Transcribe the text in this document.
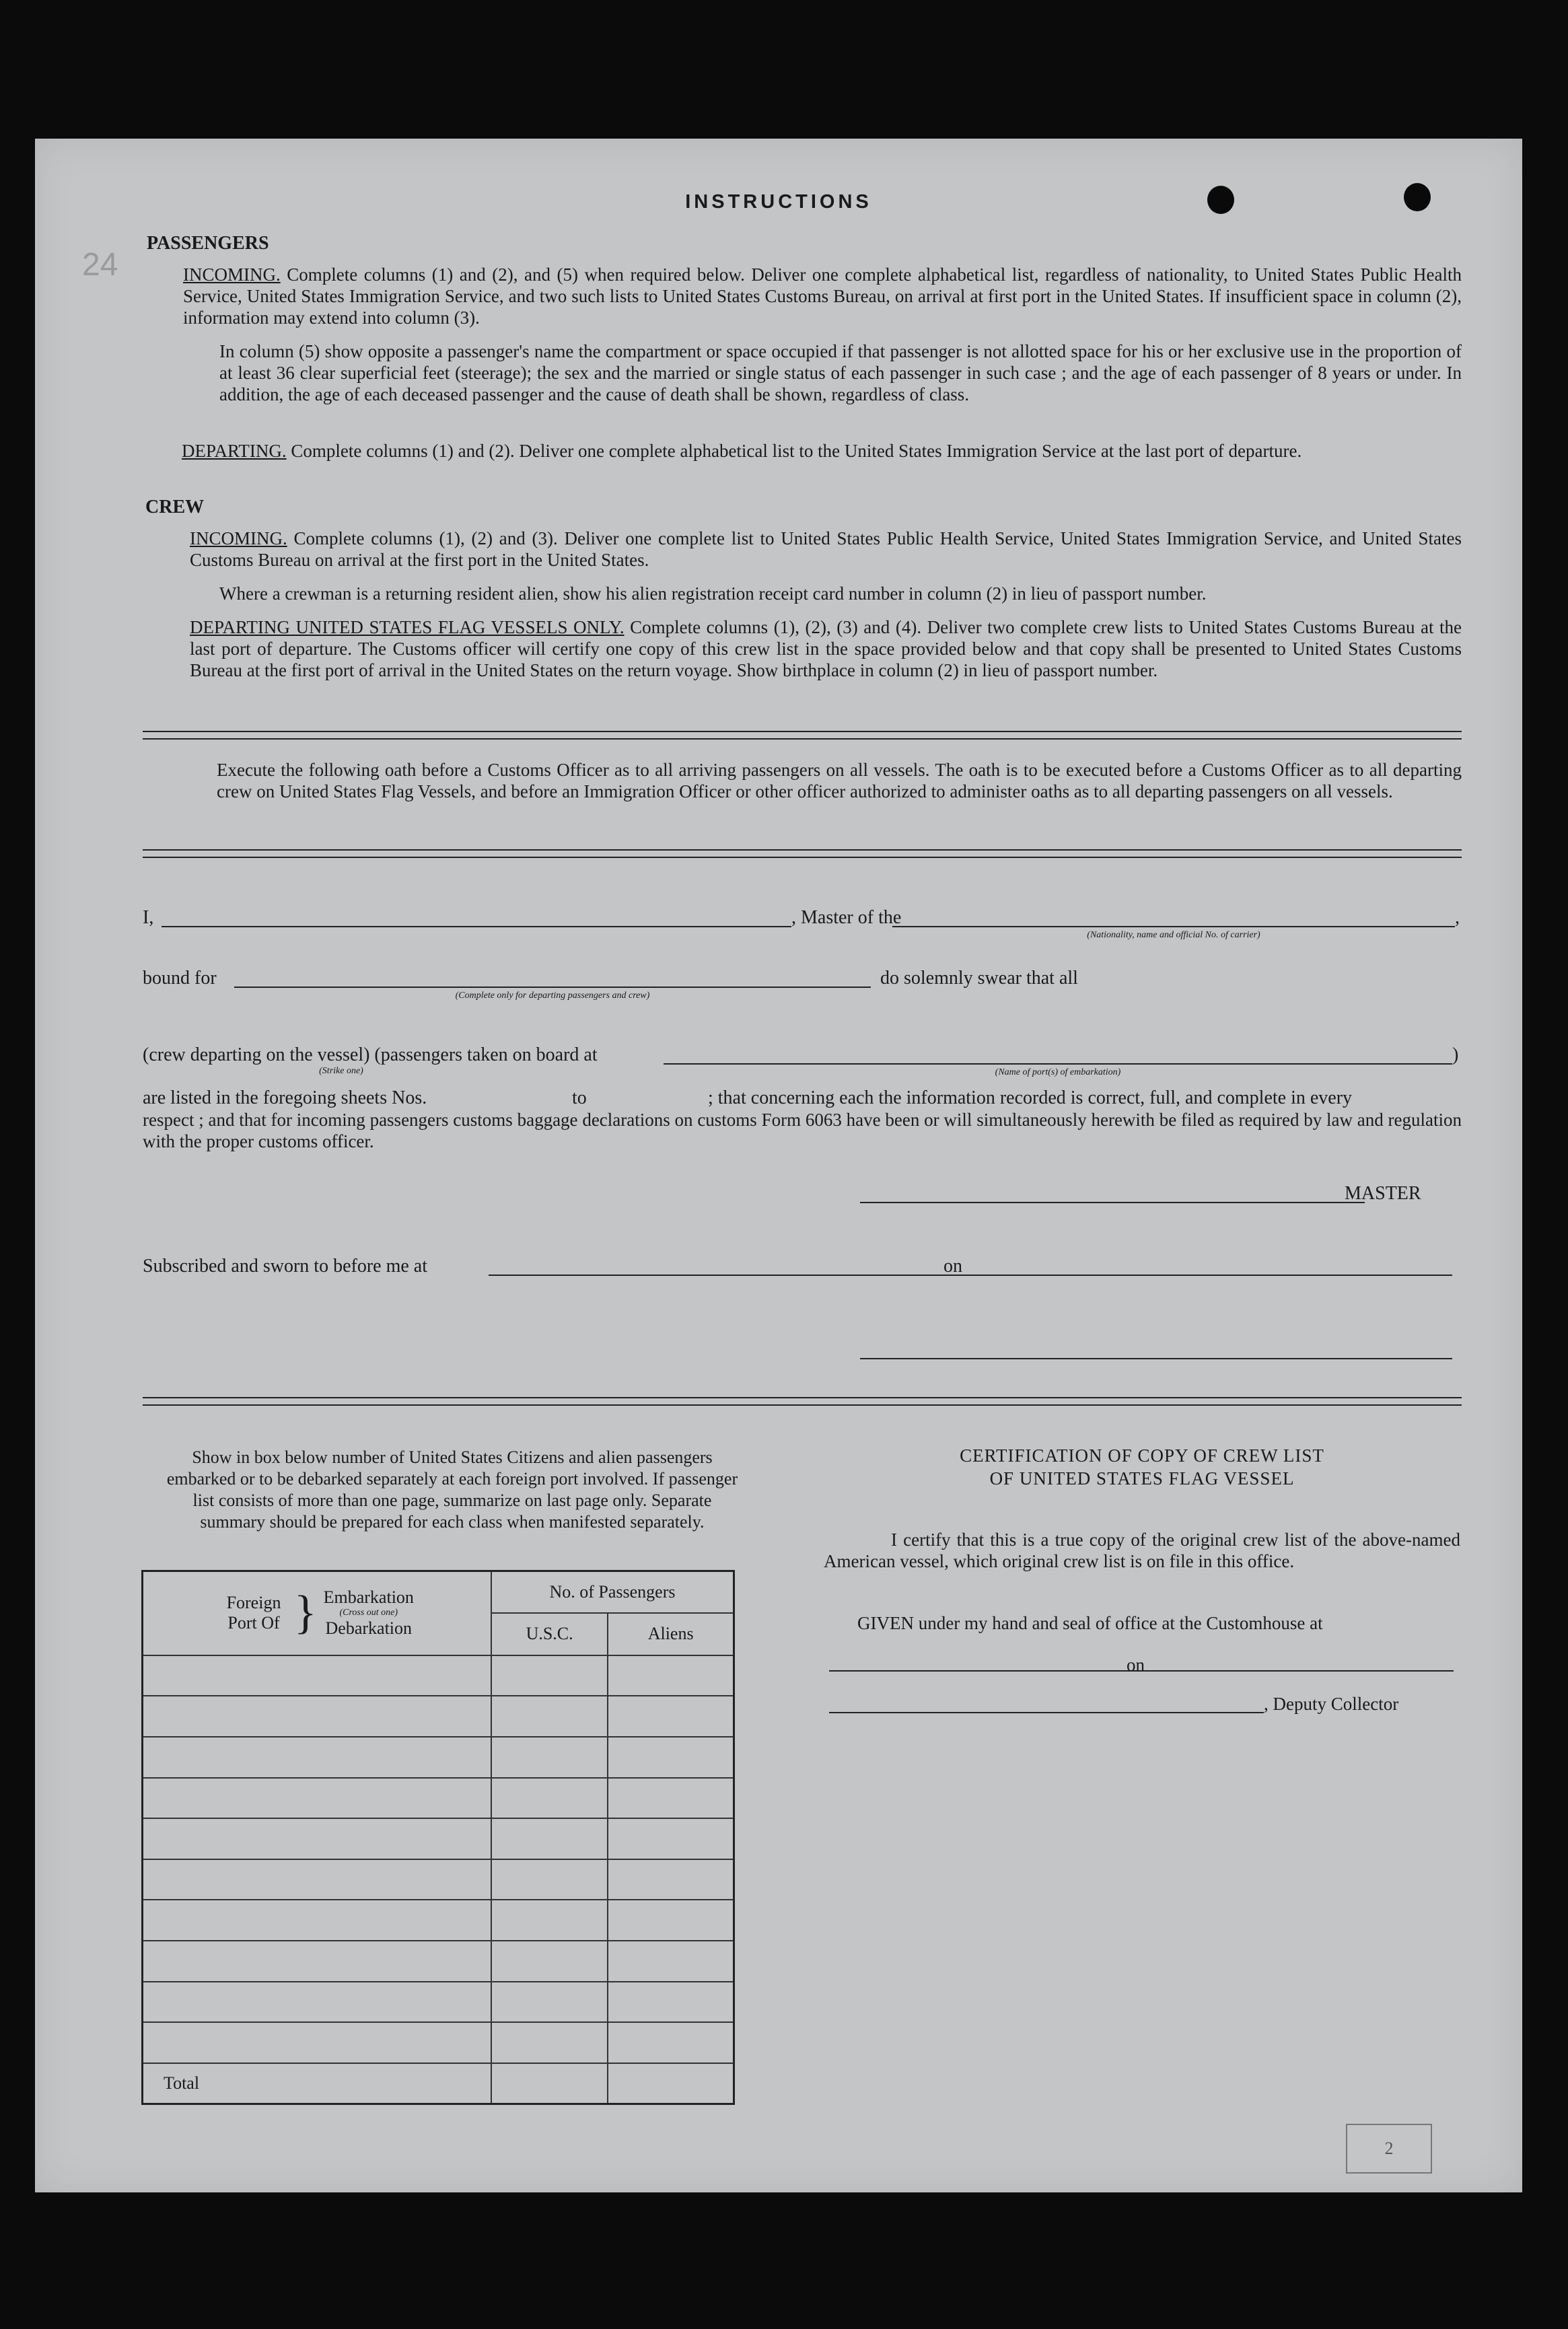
24
INSTRUCTIONS
PASSENGERS
INCOMING. Complete columns (1) and (2), and (5) when required below. Deliver one complete alphabetical list, regardless of nationality, to United States Public Health Service, United States Immigration Service, and two such lists to United States Customs Bureau, on arrival at first port in the United States. If insufficient space in column (2), information may extend into column (3).
In column (5) show opposite a passenger's name the compartment or space occupied if that passenger is not allotted space for his or her exclusive use in the proportion of at least 36 clear superficial feet (steerage); the sex and the married or single status of each passenger in such case ; and the age of each passenger of 8 years or under. In addition, the age of each deceased passenger and the cause of death shall be shown, regardless of class.
DEPARTING. Complete columns (1) and (2). Deliver one complete alphabetical list to the United States Immigration Service at the last port of departure.
CREW
INCOMING. Complete columns (1), (2) and (3). Deliver one complete list to United States Public Health Service, United States Immigration Service, and United States Customs Bureau on arrival at the first port in the United States.
Where a crewman is a returning resident alien, show his alien registration receipt card number in column (2) in lieu of passport number.
DEPARTING UNITED STATES FLAG VESSELS ONLY. Complete columns (1), (2), (3) and (4). Deliver two complete crew lists to United States Customs Bureau at the last port of departure. The Customs officer will certify one copy of this crew list in the space provided below and that copy shall be presented to United States Customs Bureau at the first port of arrival in the United States on the return voyage. Show birthplace in column (2) in lieu of passport number.
Execute the following oath before a Customs Officer as to all arriving passengers on all vessels. The oath is to be executed before a Customs Officer as to all departing crew on United States Flag Vessels, and before an Immigration Officer or other officer authorized to administer oaths as to all departing passengers on all vessels.
I,	, Master of the	,
(Nationality, name and official No. of carrier)
bound for
(Complete only for departing passengers and crew)
do solemnly swear that all
(crew departing on the vessel) (passengers taken on board at
(Strike one)	(Name of port(s) of embarkation)
)
are listed in the foregoing sheets Nos.	to	; that concerning each the information recorded is correct, full, and complete in every
respect ; and that for incoming passengers customs baggage declarations on customs Form 6063 have been or will simultaneously herewith be filed as required by law and regulation with the proper customs officer.
MASTER
Subscribed and sworn to before me at	on
Show in box below number of United States Citizens and alien passengers embarked or to be debarked separately at each foreign port involved. If passenger list consists of more than one page, summarize on last page only. Separate summary should be prepared for each class when manifested separately.
Foreign Port Of } Embarkation
(Cross out one)
Debarkation	No. of Passengers	
	U.S.C.	Aliens

Total		
CERTIFICATION OF COPY OF CREW LIST
OF UNITED STATES FLAG VESSEL
I certify that this is a true copy of the original crew list of the above-named American vessel, which original crew list is on file in this office.
GIVEN under my hand and seal of office at the Customhouse at
on
, Deputy Collector
2
